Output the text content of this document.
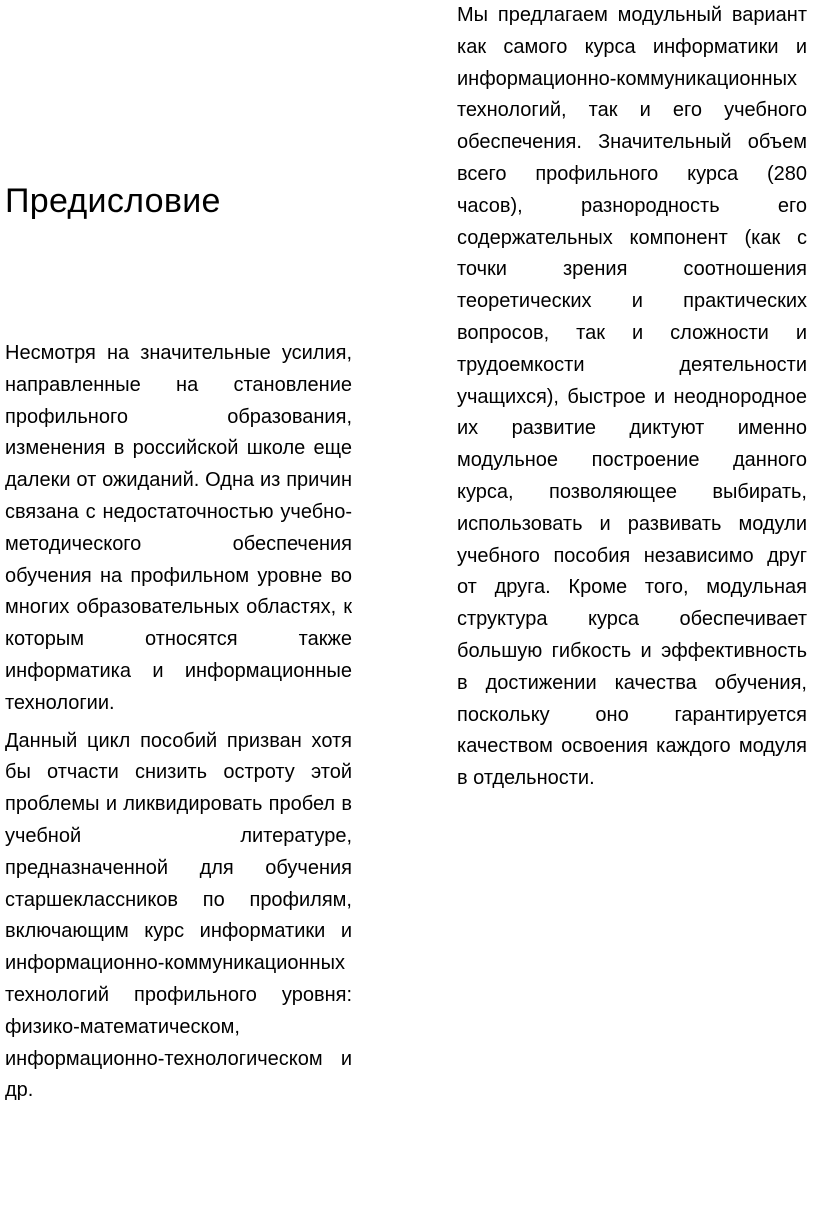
Предисловие

Несмотря на значительные усилия, направленные на становление профильного образования, изменения в российской школе еще далеки от ожиданий. Одна из причин связана с недостаточностью учебно-методического обеспечения обучения на профильном уровне во многих образовательных областях, к которым относятся также информатика и информационные технологии.

Данный цикл пособий призван хотя бы отчасти снизить остроту этой проблемы и ликвидировать пробел в учебной литературе, предназначенной для обучения старшеклассников по профилям, включающим курс информатики и информационно-коммуникационных технологий профильного уровня: физико-математическом, информационно-технологическом и др.

Мы предлагаем модульный вариант как самого курса информатики и информационно-коммуникационных технологий, так и его учебного обеспечения. Значительный объем всего профильного курса (280 часов), разнородность его содержательных компонент (как с точки зрения соотношения теоретических и практических вопросов, так и сложности и трудоемкости деятельности учащихся), быстрое и неоднородное их развитие диктуют именно модульное построение данного курса, позволяющее выбирать, использовать и развивать модули учебного пособия независимо друг от друга. Кроме того, модульная структура курса обеспечивает большую гибкость и эффективность в достижении качества обучения, поскольку оно гарантируется качеством освоения каждого модуля в отдельности.
